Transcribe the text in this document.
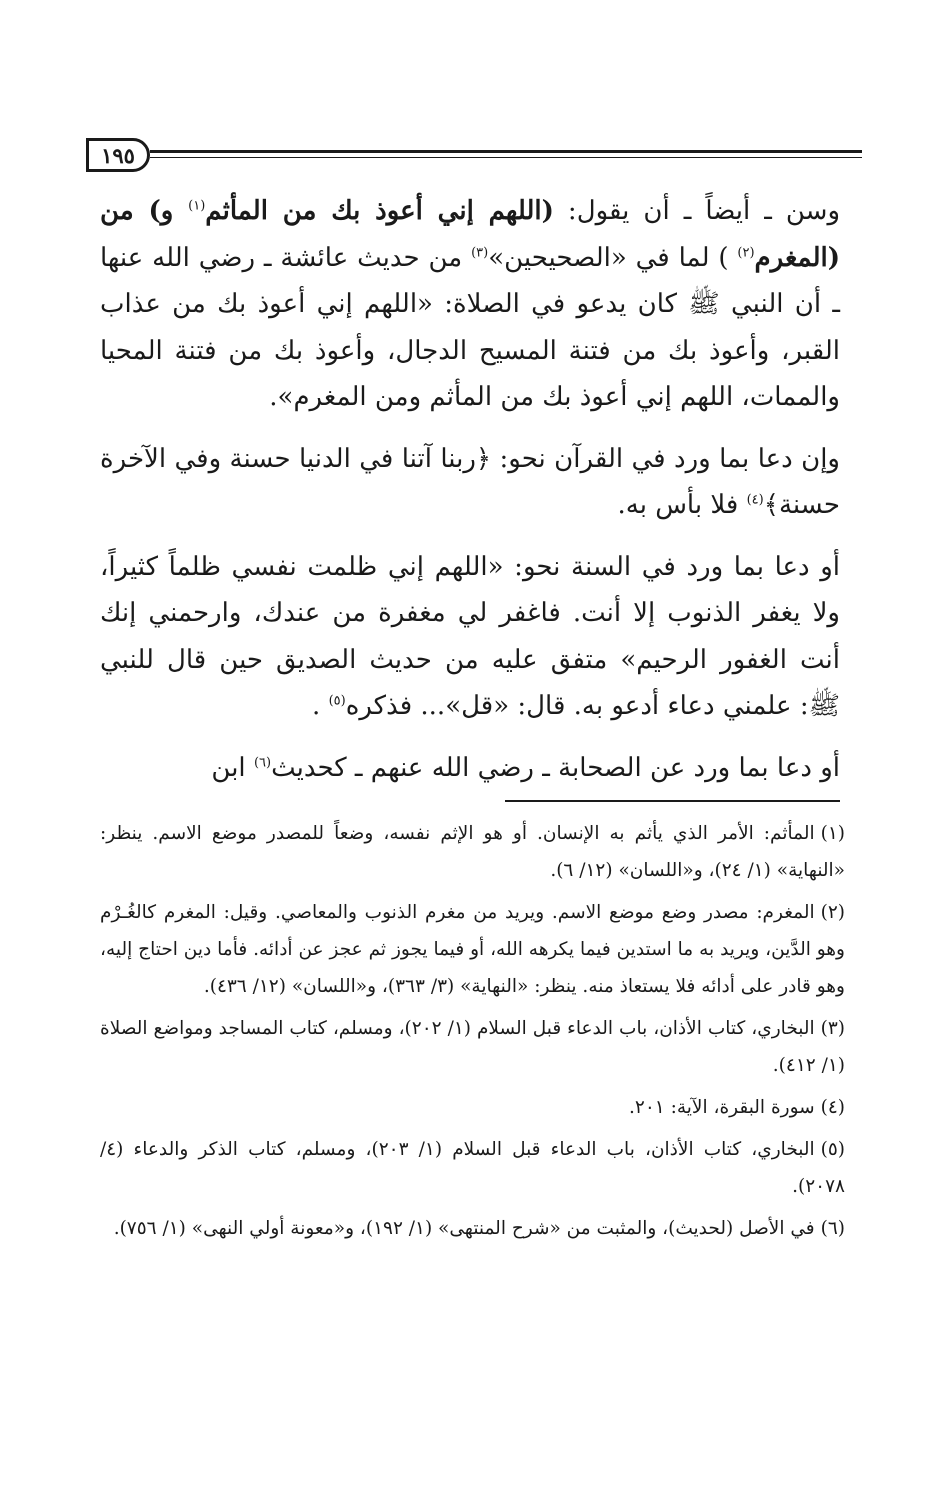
١٩٥

وسن ـ أيضاً ـ أن يقول: (اللهم إني أعوذ بك من المأثم$^{(١)}$ و) من (المغرم$^{(٢)}$ ) لما في «الصحيحين»$^{(٣)}$ من حديث عائشة ـ رضي الله عنها ـ أن النبي ﷺ كان يدعو في الصلاة: «اللهم إني أعوذ بك من عذاب القبر، وأعوذ بك من فتنة المسيح الدجال، وأعوذ بك من فتنة المحيا والممات، اللهم إني أعوذ بك من المأثم ومن المغرم».

وإن دعا بما ورد في القرآن نحو: ﴿ربنا آتنا في الدنيا حسنة وفي الآخرة حسنة﴾$^{(٤)}$ فلا بأس به.

أو دعا بما ورد في السنة نحو: «اللهم إني ظلمت نفسي ظلماً كثيراً، ولا يغفر الذنوب إلا أنت. فاغفر لي مغفرة من عندك، وارحمني إنك أنت الغفور الرحيم» متفق عليه من حديث الصديق حين قال للنبي ﷺ: علمني دعاء أدعو به. قال: «قل»... فذكره$^{(٥)}$ .

أو دعا بما ورد عن الصحابة ـ رضي الله عنهم ـ كحديث$^{(٦)}$ ابن

(١)المأثم: الأمر الذي يأثم به الإنسان. أو هو الإثم نفسه، وضعاً للمصدر موضع الاسم. ينظر: «النهاية» (١/ ٢٤)، و«اللسان» (١٢/ ٦).
(٢)المغرم: مصدر وضع موضع الاسم. ويريد من مغرم الذنوب والمعاصي. وقيل: المغرم كالغُـرْم وهو الدَّين، ويريد به ما استدين فيما يكرهه الله، أو فيما يجوز ثم عجز عن أدائه. فأما دين احتاج إليه، وهو قادر على أدائه فلا يستعاذ منه. ينظر: «النهاية» (٣/ ٣٦٣)، و«اللسان» (١٢/ ٤٣٦).
(٣)البخاري، كتاب الأذان، باب الدعاء قبل السلام (١/ ٢٠٢)، ومسلم، كتاب المساجد ومواضع الصلاة (١/ ٤١٢).
(٤)سورة البقرة، الآية: ٢٠١.
(٥)البخاري، كتاب الأذان، باب الدعاء قبل السلام (١/ ٢٠٣)، ومسلم، كتاب الذكر والدعاء (٤/ ٢٠٧٨).
(٦)في الأصل (لحديث)، والمثبت من «شرح المنتهى» (١/ ١٩٢)، و«معونة أولي النهى» (١/ ٧٥٦).
